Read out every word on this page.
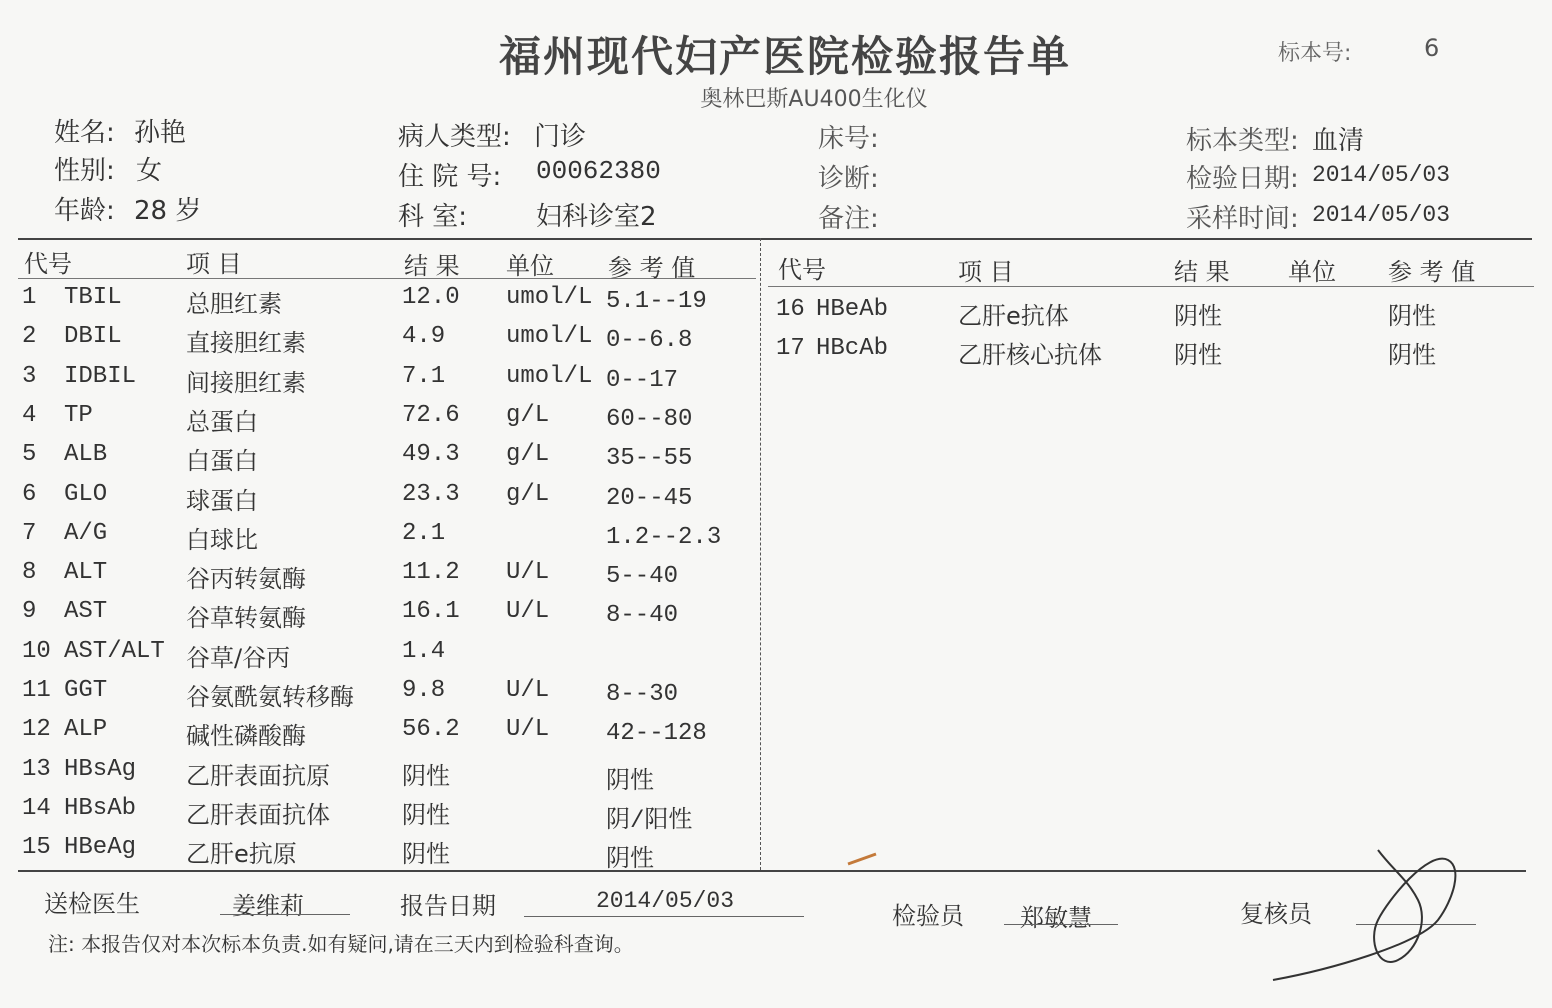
福州现代妇产医院检验报告单
奥林巴斯AU400生化仪
标本号:	6
姓名: 孙艳
性别: 女
年龄: 28 岁
病人类型: 门诊
住 院 号: 00062380
科 室:	妇科诊室2
床号:
诊断:
备注:
标本类型: 血清
检验日期: 2014/05/03
采样时间: 2014/05/03
代号	项 目	结 果 单位 参 考 值	代号	项 目	结 果 单位 参 考 值
1 TBIL	总胆红素	12.0 umol/L 5.1--19
2 DBIL	直接胆红素	4.9	umol/L 0--6.8
3 IDBIL 间接胆红素	7.1	umol/L 0--17
4 TP	总蛋白	72.6 g/L 60--80
5 ALB	白蛋白	49.3 g/L 35--55
6 GLO	球蛋白	23.3 g/L 20--45
7 A/G	白球比	2.1	1.2--2.3
8 ALT	谷丙转氨酶	11.2 U/L 5--40
9 AST	谷草转氨酶	16.1 U/L 8--40
10 AST/ALT 谷草/谷丙	1.4
11 GGT	谷氨酰氨转移酶 9.8	U/L 8--30
12 ALP	碱性磷酸酶	56.2 U/L 42--128
13 HBsAg 乙肝表面抗原	阴性	阴性
14 HBsAb 乙肝表面抗体	阴性	阴/阳性
15 HBeAg 乙肝e抗原	阴性	阴性
16 HBeAb	乙肝e抗体	阴性	阴性
17 HBcAb	乙肝核心抗体	阴性	阴性
送检医生	姜维莉	报告日期	2014/05/03
检验员 郑敏慧	复核员
注: 本报告仅对本次标本负责.如有疑问,请在三天内到检验科查询。
